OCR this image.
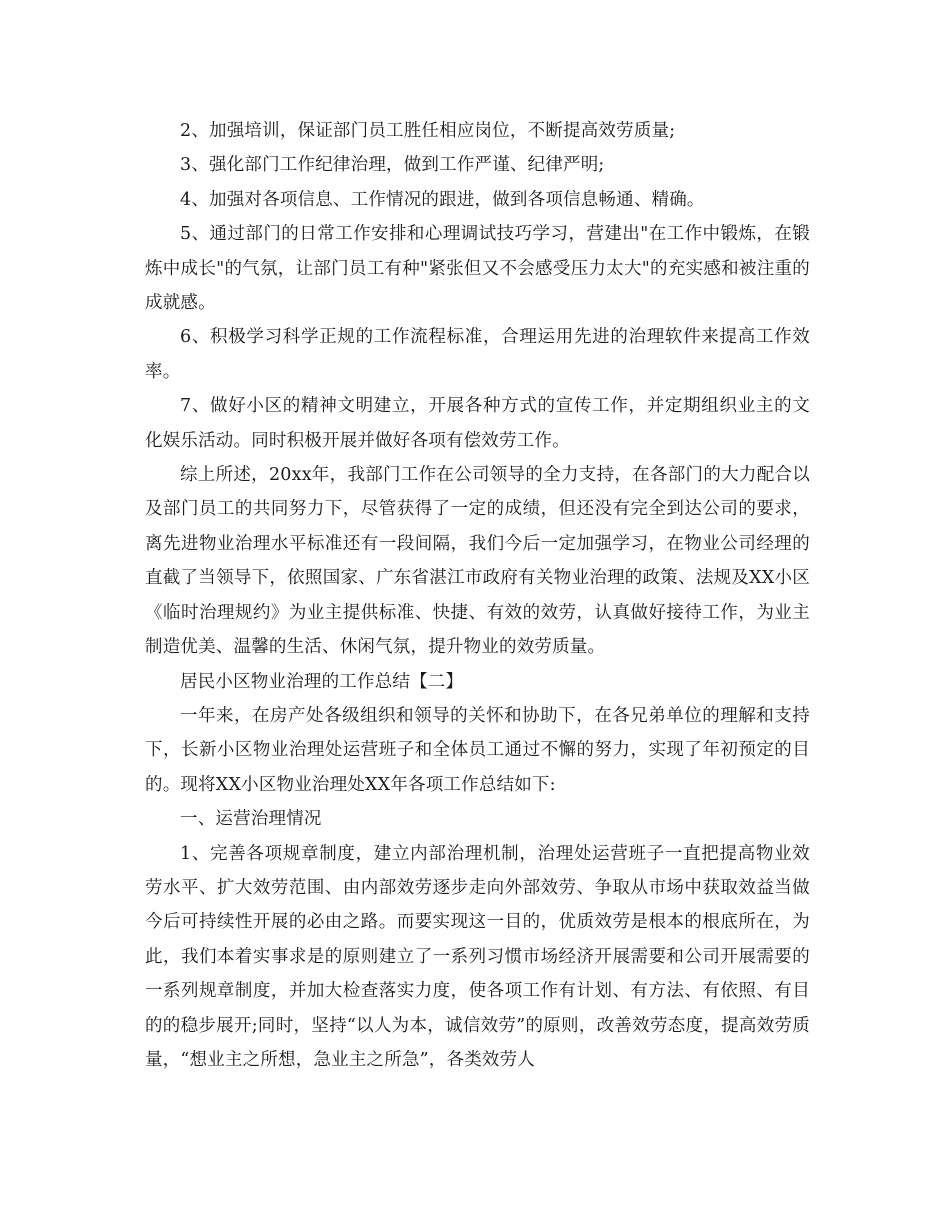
2、加强培训，保证部门员工胜任相应岗位，不断提高效劳质量;

3、强化部门工作纪律治理，做到工作严谨、纪律严明;

4、加强对各项信息、工作情况的跟进，做到各项信息畅通、精确。

5、通过部门的日常工作安排和心理调试技巧学习，营建出"在工作中锻炼，在锻炼中成长"的气氛，让部门员工有种"紧张但又不会感受压力太大"的充实感和被注重的成就感。

6、积极学习科学正规的工作流程标准，合理运用先进的治理软件来提高工作效率。

7、做好小区的精神文明建立，开展各种方式的宣传工作，并定期组织业主的文化娱乐活动。同时积极开展并做好各项有偿效劳工作。

综上所述，20xx年，我部门工作在公司领导的全力支持，在各部门的大力配合以及部门员工的共同努力下，尽管获得了一定的成绩，但还没有完全到达公司的要求，离先进物业治理水平标准还有一段间隔，我们今后一定加强学习，在物业公司经理的直截了当领导下，依照国家、广东省湛江市政府有关物业治理的政策、法规及XX小区《临时治理规约》为业主提供标准、快捷、有效的效劳，认真做好接待工作，为业主制造优美、温馨的生活、休闲气氛，提升物业的效劳质量。

居民小区物业治理的工作总结【二】

一年来，在房产处各级组织和领导的关怀和协助下，在各兄弟单位的理解和支持下，长新小区物业治理处运营班子和全体员工通过不懈的努力，实现了年初预定的目的。现将XX小区物业治理处XX年各项工作总结如下:

一、运营治理情况

1、完善各项规章制度，建立内部治理机制，治理处运营班子一直把提高物业效劳水平、扩大效劳范围、由内部效劳逐步走向外部效劳、争取从市场中获取效益当做今后可持续性开展的必由之路。而要实现这一目的，优质效劳是根本的根底所在，为此，我们本着实事求是的原则建立了一系列习惯市场经济开展需要和公司开展需要的一系列规章制度，并加大检查落实力度，使各项工作有计划、有方法、有依照、有目的的稳步展开;同时，坚持“以人为本，诚信效劳”的原则，改善效劳态度，提高效劳质量，“想业主之所想，急业主之所急”，各类效劳人
